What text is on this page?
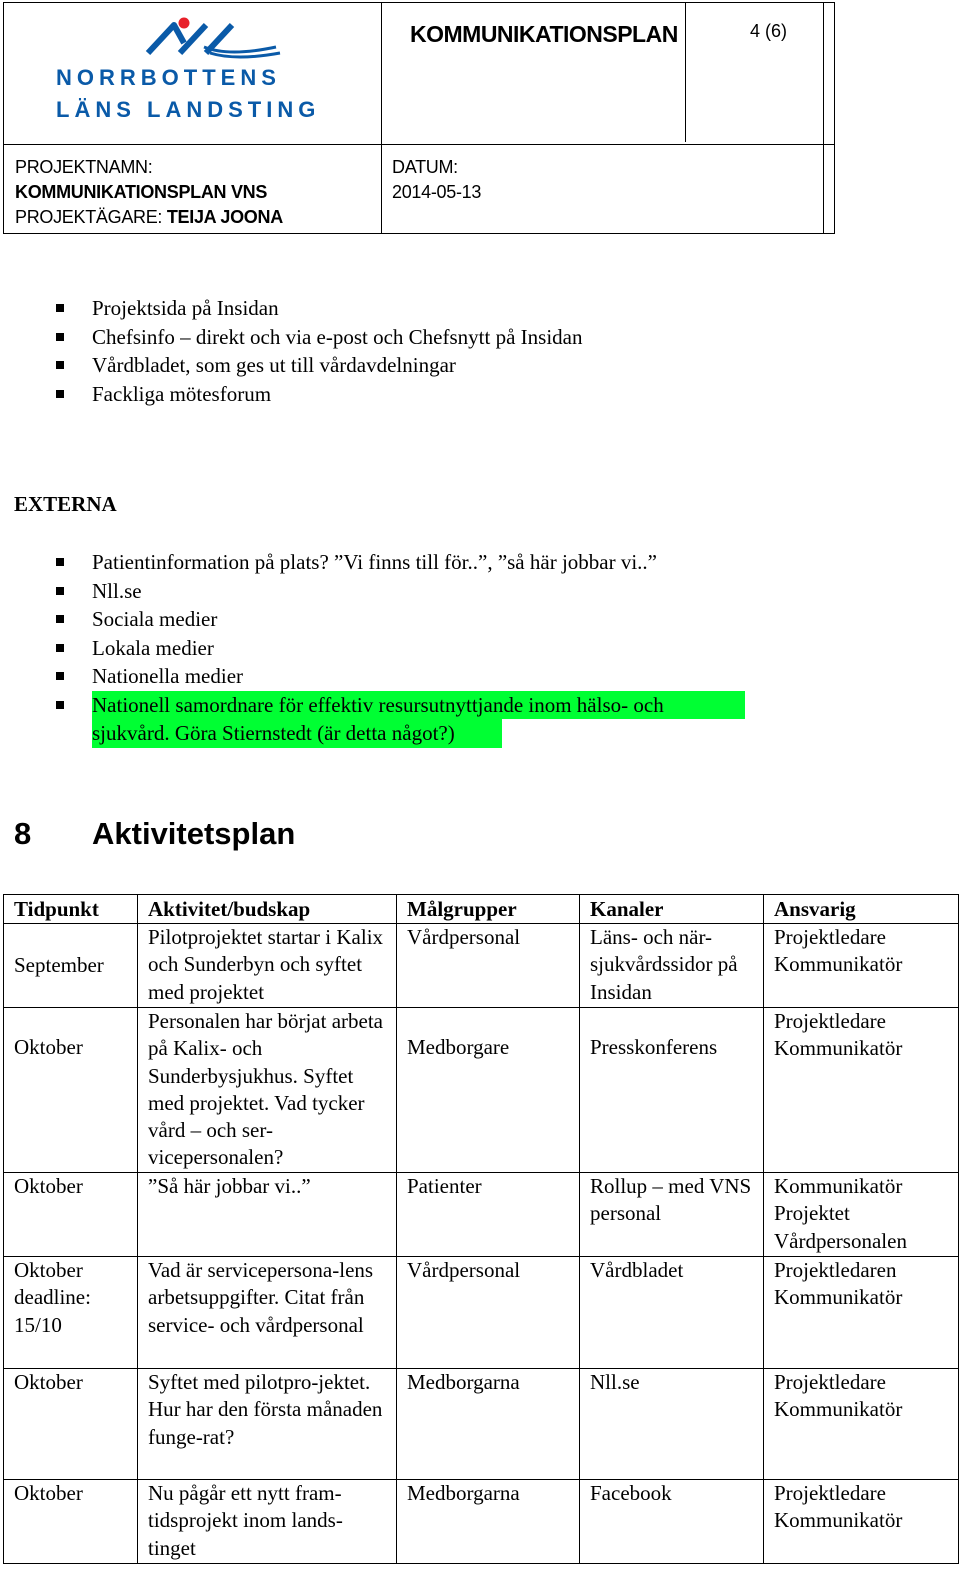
NORRBOTTENS
LÄNS LANDSTING
KOMMUNIKATIONSPLAN	4 (6)
PROJEKTNAMN:
KOMMUNIKATIONSPLAN VNS
PROJEKTÄGARE: TEIJA JOONA
DATUM:
2014-05-13
Projektsida på Insidan
Chefsinfo – direkt och via e-post och Chefsnytt på Insidan
Vårdbladet, som ges ut till vårdavdelningar
Fackliga mötesforum
EXTERNA
Patientinformation på plats? ”Vi finns till för..”, ”så här jobbar vi..”
Nll.se
Sociala medier
Lokala medier
Nationella medier
Nationell samordnare för effektiv resursutnyttjande inom hälso- och
sjukvård. Göra Stiernstedt (är detta något?)
8 Aktivitetsplan
Tidpunkt	Aktivitet/budskap	Målgrupper	Kanaler	Ansvarig
September	Pilotprojektet startar i Kalix och Sunderbyn och syftet med projektet	Vårdpersonal	Läns- och när-sjukvårdssidor på Insidan	Projektledare Kommunikatör
Oktober	Personalen har börjat arbeta på Kalix- och Sunderbysjukhus. Syftet med projektet. Vad tycker vård – och ser-vicepersonalen?	Medborgare	Presskonferens	Projektledare Kommunikatör
Oktober	”Så här jobbar vi..”	Patienter	Rollup – med VNS personal	Kommunikatör Projektet Vårdpersonalen
Oktober deadline: 15/10	Vad är servicepersona-lens arbetsuppgifter. Citat från service- och vårdpersonal	Vårdpersonal	Vårdbladet	Projektledaren Kommunikatör
Oktober	Syftet med pilotpro-jektet. Hur har den första månaden funge-rat?	Medborgarna	Nll.se	Projektledare Kommunikatör
Oktober	Nu pågår ett nytt fram-tidsprojekt inom lands-tinget	Medborgarna	Facebook	Projektledare Kommunikatör
